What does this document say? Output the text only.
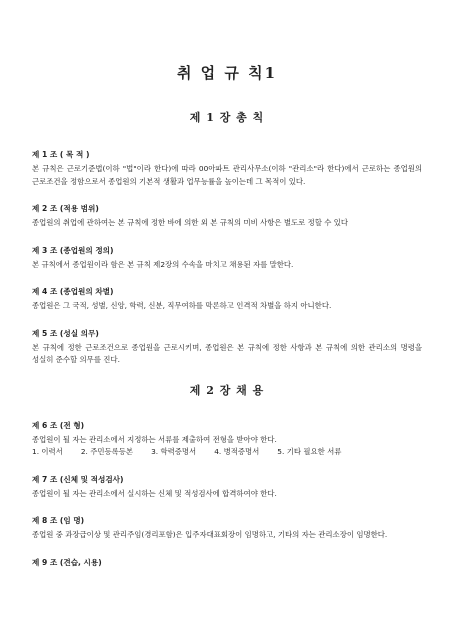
취 업 규 칙1
제 1 장 총 칙
제 1 조 ( 목 적 )

본 규칙은 근로기준법(이하 "법"이라 한다)에 따라 00아파트 관리사무소(이하 "관리소"라 한다)에서 근로하는 종업원의 근로조건을 정함으로서 종업원의 기본적 생활과 업무능률을 높이는데 그 목적이 있다.

제 2 조 (적용 범위)

종업원의 취업에 관하여는 본 규칙에 정한 바에 의한 외 본 규칙의 미비 사항은 별도로 정할 수 있다

제 3 조 (종업원의 정의)

본 규칙에서 종업원이라 함은 본 규칙 제2장의 수속을 마치고 채용된 자를 말한다.

제 4 조 (종업원의 차별)

종업원은 그 국적, 성별, 신앙, 학력, 신분, 직무여하를 막론하고 인격적 차별을 하지 아니한다.

제 5 조 (성실 의무)

본 규칙에 정한 근로조건으로 종업원을 근로시키며, 종업원은 본 규칙에 정한 사항과 본 규칙에 의한 관리소의 명령을 성실히 준수할 의무를 진다.

제 2 장 채 용
제 6 조 (전 형)

종업원이 될 자는 관리소에서 지정하는 서류를 제출하여 전형을 받아야 한다.

1. 이력서 2. 주민등록등본 3. 학력증명서 4. 병적증명서 5. 기타 필요한 서류
제 7 조 (신체 및 적성검사)

종업원이 될 자는 관리소에서 실시하는 신체 및 적성검사에 합격하여야 한다.

제 8 조 (임 명)

종업원 중 과장급이상 및 관리주임(경리포함)은 입주자대표회장이 임명하고, 기타의 자는 관리소장이 임명한다.

제 9 조 (견습, 시용)
